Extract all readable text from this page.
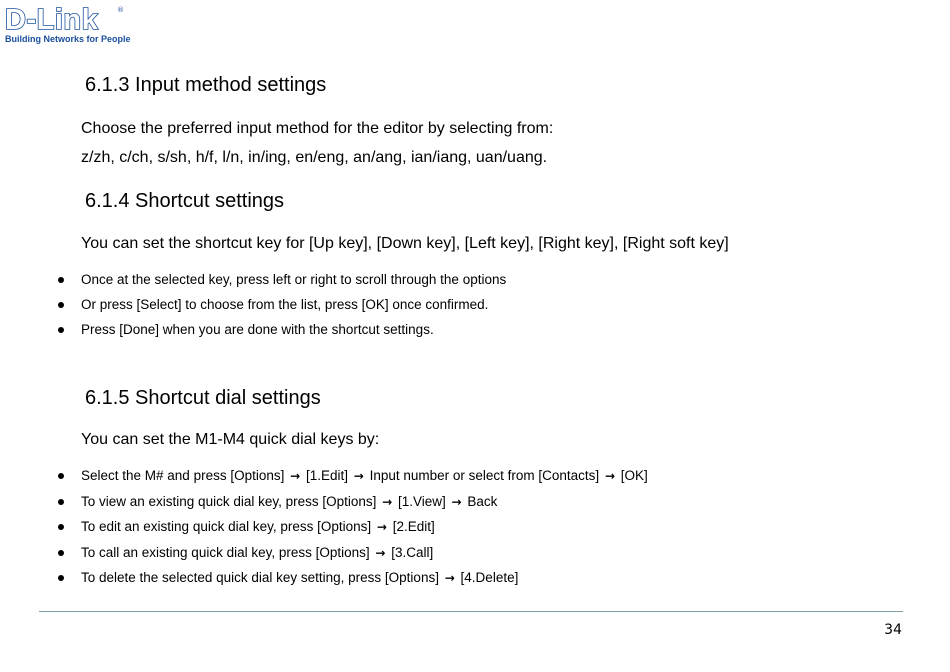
D-Link	®
Building Networks for People
6.1.3 Input method settings

Choose the preferred input method for the editor by selecting from:

z/zh, c/ch, s/sh, h/f, l/n, in/ing, en/eng, an/ang, ian/iang, uan/uang.

6.1.4 Shortcut settings

You can set the shortcut key for [Up key], [Down key], [Left key], [Right key], [Right soft key]

Once at the selected key, press left or right to scroll through the options
Or press [Select] to choose from the list, press [OK] once confirmed.
Press [Done] when you are done with the shortcut settings.
6.1.5 Shortcut dial settings

You can set the M1-M4 quick dial keys by:

Select the M# and press [Options] → [1.Edit] → Input number or select from [Contacts] → [OK]
To view an existing quick dial key, press [Options] → [1.View] → Back
To edit an existing quick dial key, press [Options] → [2.Edit]
To call an existing quick dial key, press [Options] → [3.Call]
To delete the selected quick dial key setting, press [Options] → [4.Delete]
34
